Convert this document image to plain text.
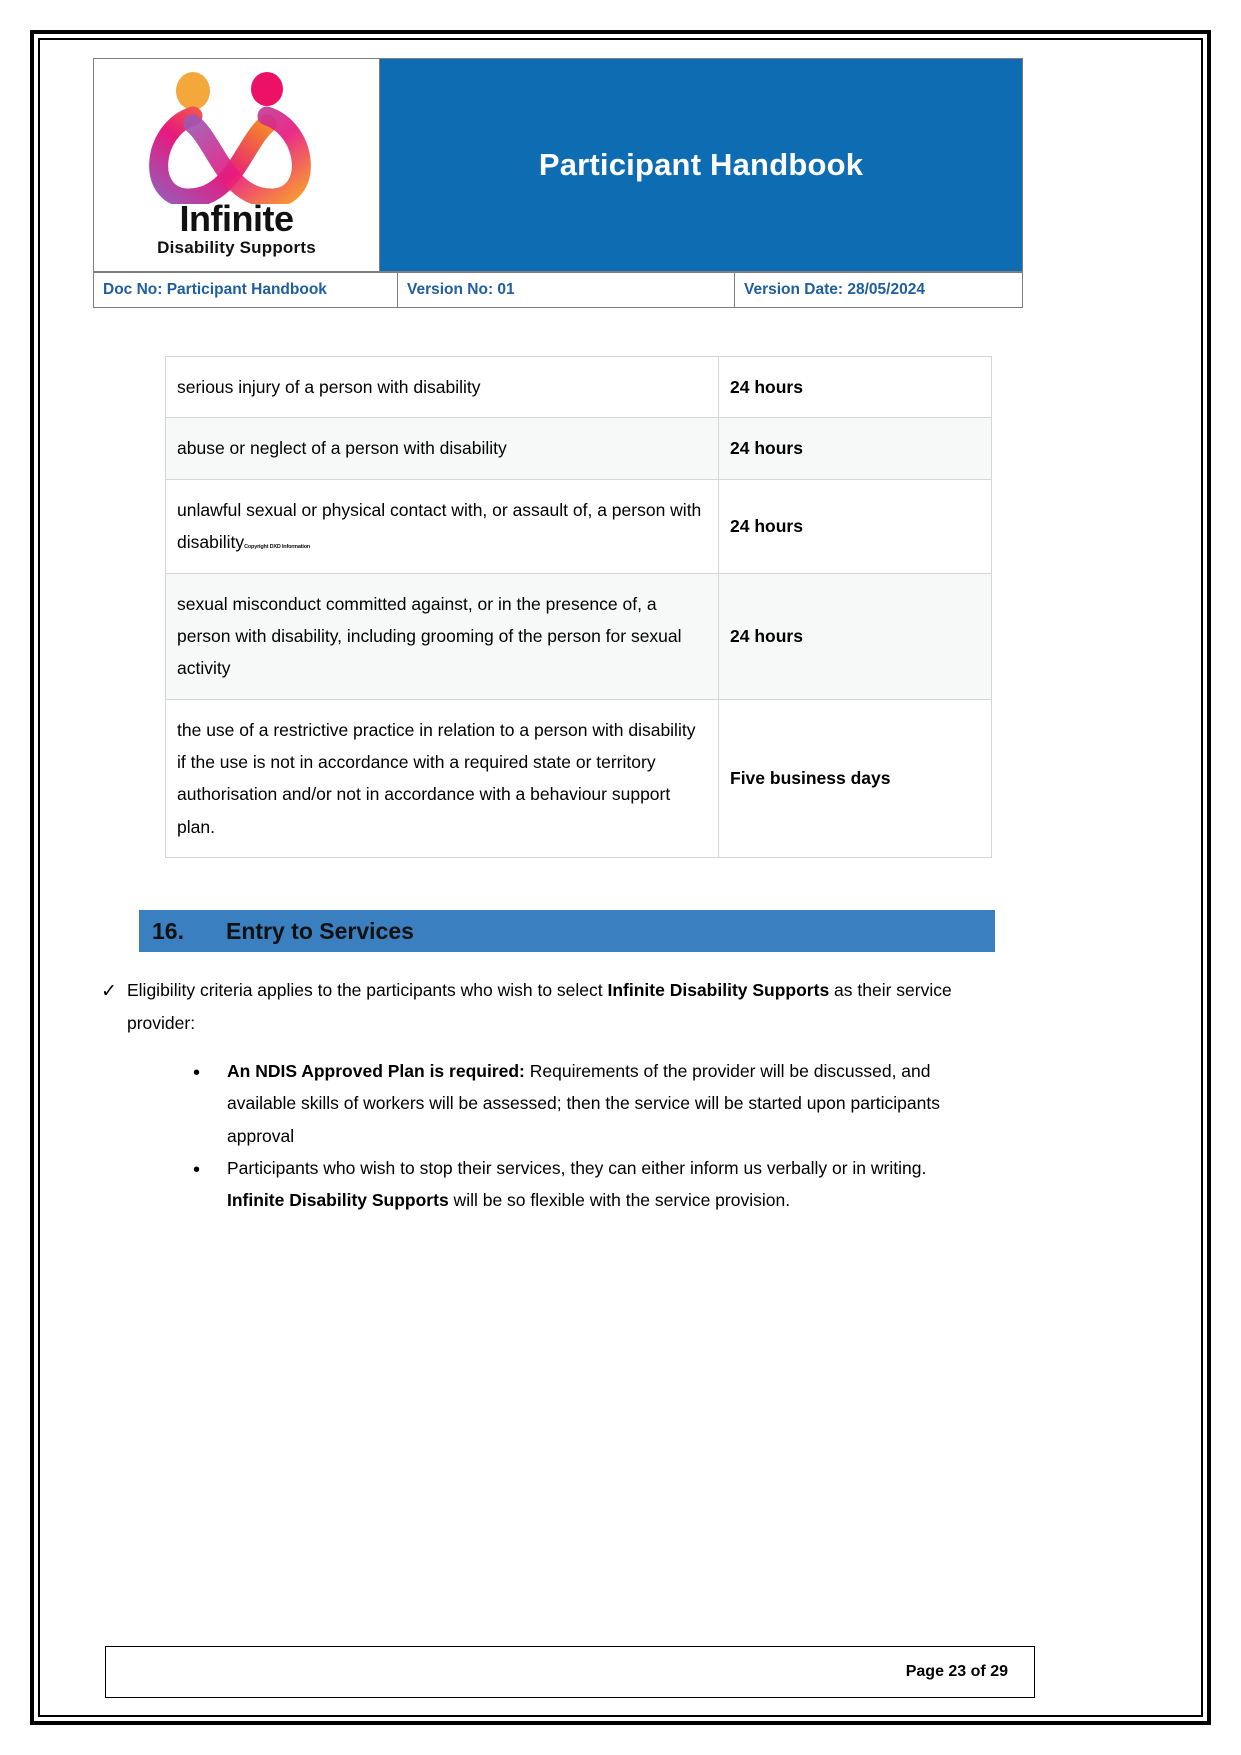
Infinite
Disability Supports
	Participant Handbook
Doc No: Participant Handbook	Version No: 01	Version Date: 28/05/2024
serious injury of a person with disability	24 hours
abuse or neglect of a person with disability	24 hours
unlawful sexual or physical contact with, or assault of, a person with disabilityCopyright DXD Information	24 hours
sexual misconduct committed against, or in the presence of, a person with disability, including grooming of the person for sexual activity	24 hours
the use of a restrictive practice in relation to a person with disability if the use is not in accordance with a required state or territory authorisation and/or not in accordance with a behaviour support plan.	Five business days
16. Entry to Services
✓ Eligibility criteria applies to the participants who wish to select Infinite Disability Supports as their service provider:
•	An NDIS Approved Plan is required: Requirements of the provider will be discussed, and available skills of workers will be assessed; then the service will be started upon participants approval
•	Participants who wish to stop their services, they can either inform us verbally or in writing. Infinite Disability Supports will be so flexible with the service provision.
Page 23 of 29
